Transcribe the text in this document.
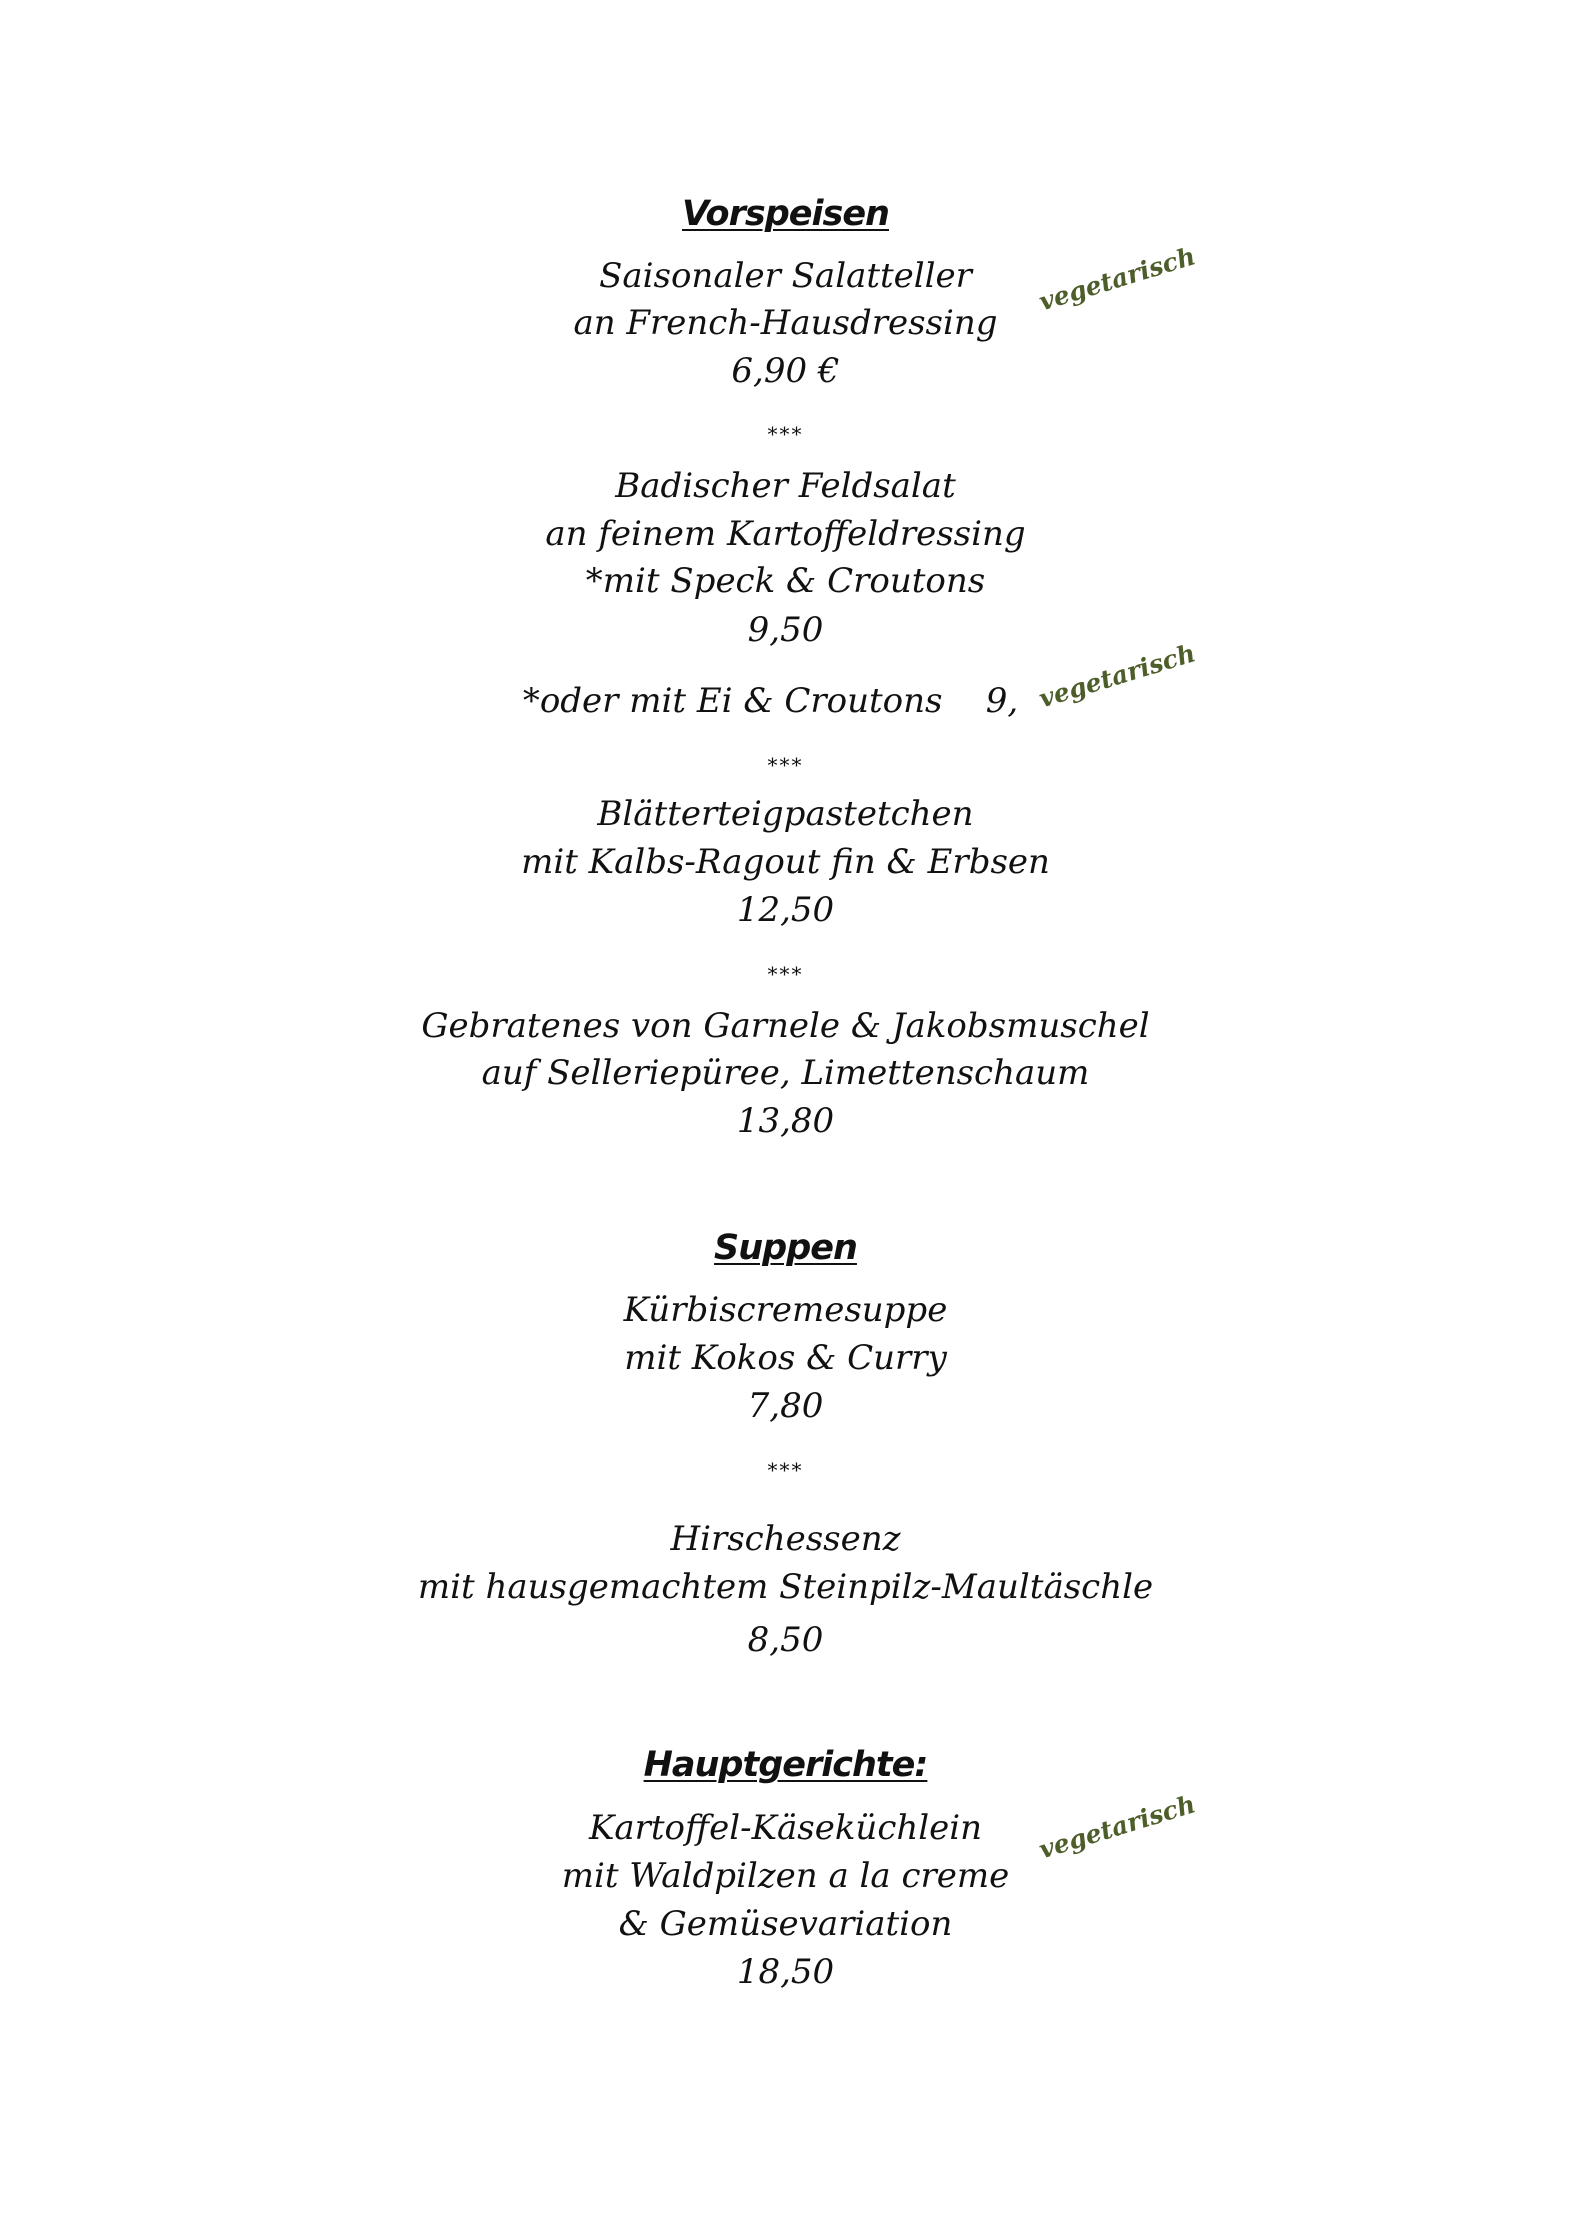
Vorspeisen

Saisonaler Salatteller

an French-Hausdressing

6,90 €

***

Badischer Feldsalat

an feinem Kartoffeldressing

*mit Speck & Croutons

9,50

*oder mit Ei & Croutons    9,

***

Blätterteigpastetchen

mit Kalbs-Ragout fin & Erbsen

12,50

***

Gebratenes von Garnele & Jakobsmuschel

auf Selleriepüree, Limettenschaum

13,80

Suppen

Kürbiscremesuppe

mit Kokos & Curry

7,80

***

Hirschessenz

mit hausgemachtem Steinpilz-Maultäschle

8,50

Hauptgerichte:

Kartoffel-Käseküchlein

mit Waldpilzen a la creme

& Gemüsevariation

18,50

vegetarisch
vegetarisch
vegetarisch
